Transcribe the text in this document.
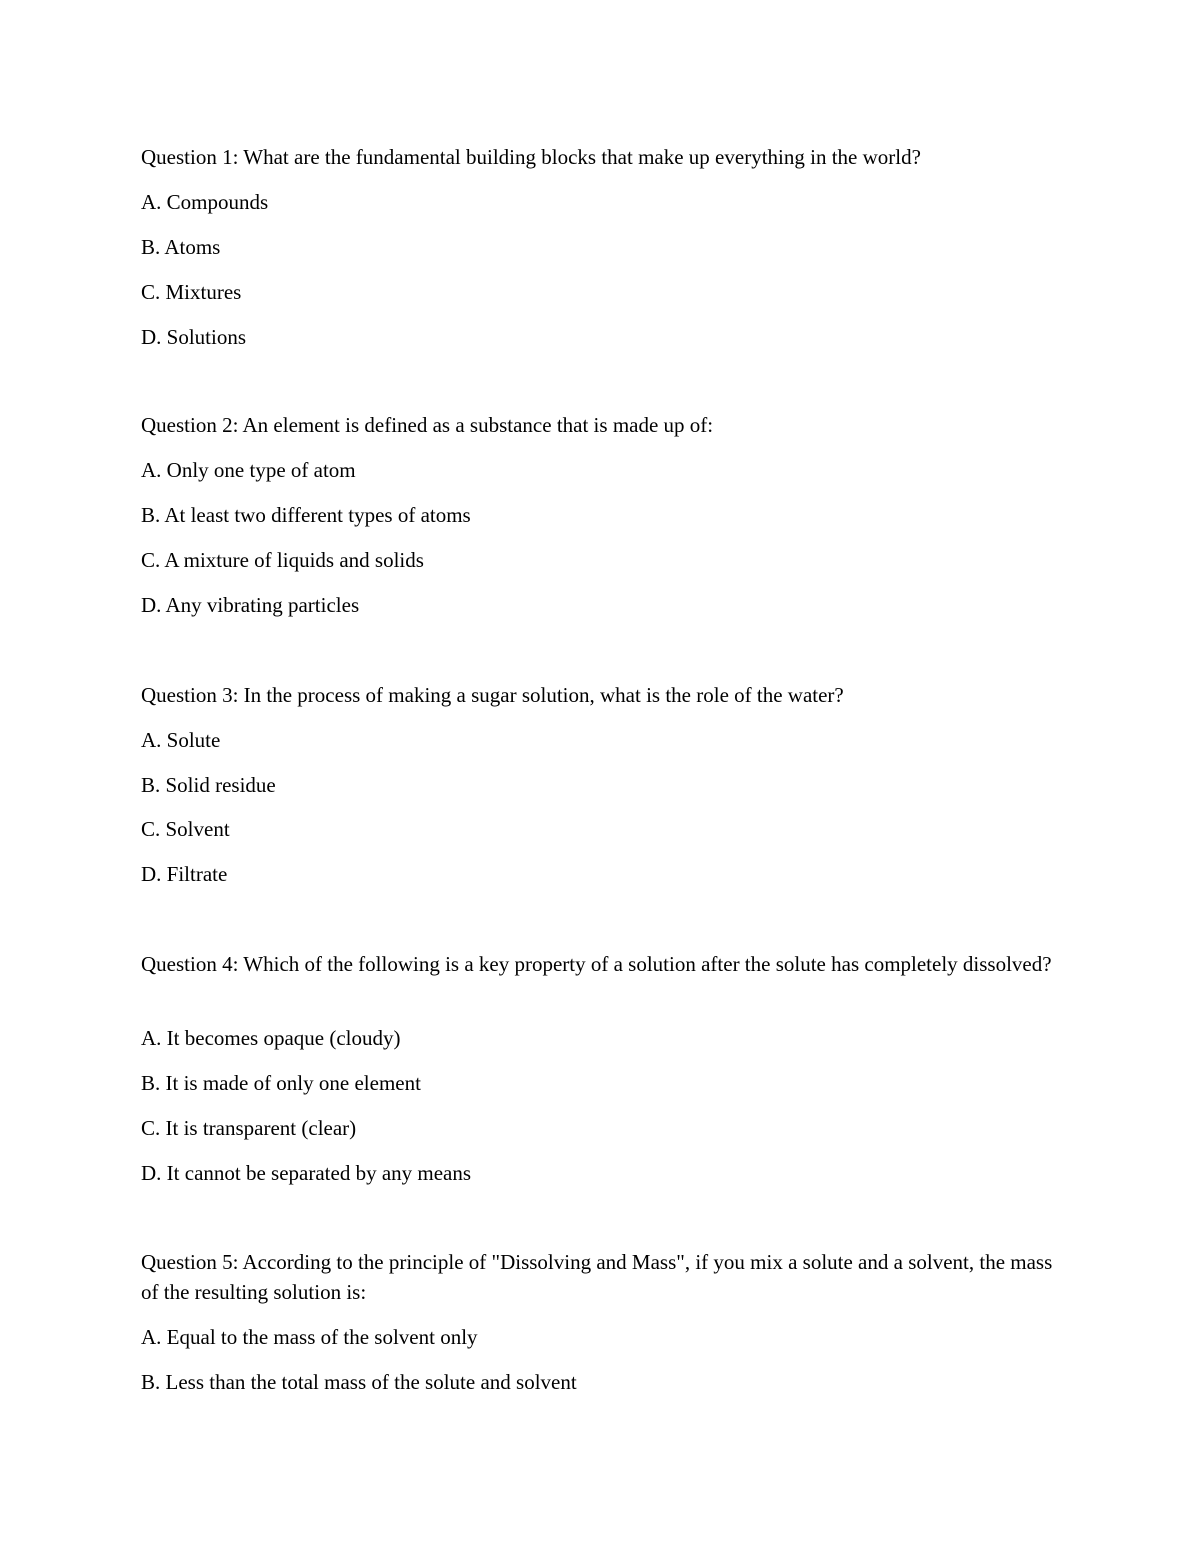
Question 1: What are the fundamental building blocks that make up everything in the world?

A. Compounds

B. Atoms

C. Mixtures

D. Solutions

Question 2: An element is defined as a substance that is made up of:

A. Only one type of atom

B. At least two different types of atoms

C. A mixture of liquids and solids

D. Any vibrating particles

Question 3: In the process of making a sugar solution, what is the role of the water?

A. Solute

B. Solid residue

C. Solvent

D. Filtrate

Question 4: Which of the following is a key property of a solution after the solute has completely dissolved?

A. It becomes opaque (cloudy)

B. It is made of only one element

C. It is transparent (clear)

D. It cannot be separated by any means

Question 5: According to the principle of "Dissolving and Mass", if you mix a solute and a solvent, the mass of the resulting solution is:

A. Equal to the mass of the solvent only

B. Less than the total mass of the solute and solvent
